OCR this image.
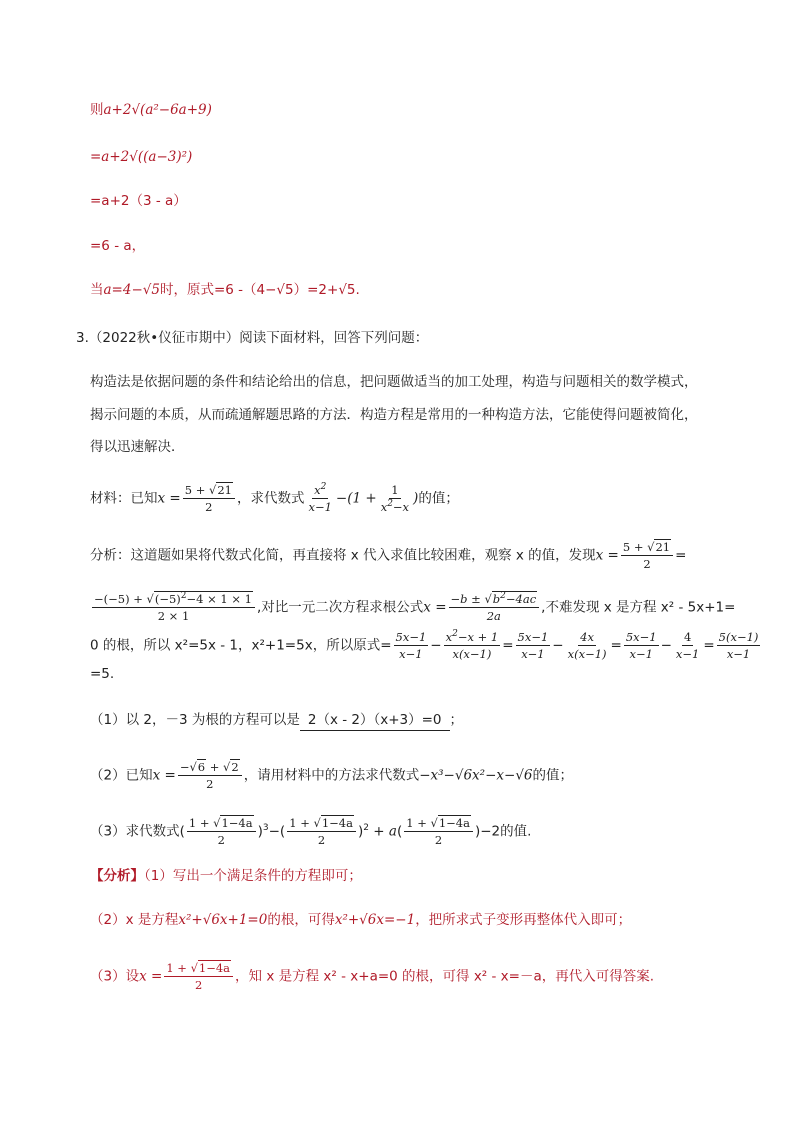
则a+2√(a²−6a+9)
=a+2√((a−3)²)
=a+2（3 - a）
=6 - a，
当a=4−√5时，原式=6 -（4−√5）=2+√5.
3.（2022秋•仪征市期中）阅读下面材料，回答下列问题：
构造法是依据问题的条件和结论给出的信息，把问题做适当的加工处理，构造与问题相关的数学模式，
揭示问题的本质，从而疏通解题思路的方法．构造方程是常用的一种构造方法，它能使得问题被简化，
得以迅速解决．
材料：已知$x = \frac{5 + √21}{2}$ ，求代数式 $\frac{x^2}{x-1} -(1 + \frac{1}{x^2-x}$ )的值；
分析：这道题如果将代数式化简，再直接将 x 代入求值比较困难，观察 x 的值，发现$x = \frac{5 + √21}{2}$ =
$\frac{-(-5) + √(-5)^2-4 \times 1 \times 1}{2 \times 1}$ ,对比一元二次方程求根公式$x = \frac{-b \pm √b^2-4ac}{2a}$ ,不难发现 x 是方程 x² - 5x+1=
0 的根，所以 x²=5x - 1，x²+1=5x，所以原式= $\frac{5x-1}{x-1} - \frac{x^2-x + 1}{x(x-1)} = \frac{5x-1}{x-1} - \frac{4x}{x(x-1)} = \frac{5x-1}{x-1} - \frac{4}{x-1} = \frac{5(x-1)}{x-1}$
=5.
（1）以 2，－3 为根的方程可以是 2（x - 2）（x+3）=0 ；
（2）已知$x = \frac{-√6 + √2}{2}$ ，请用材料中的方法求代数式−x³−√6x²−x−√6的值；
（3）求代数式( $\frac{1 + √1-4a}{2} )^3-( \frac{1 + √1-4a}{2} )^2 + a( \frac{1 + √1-4a}{2} )-2$的值.
【分析】（1）写出一个满足条件的方程即可；
（2）x 是方程x²+√6x+1=0的根，可得x²+√6x=−1，把所求式子变形再整体代入即可；
（3）设$x = \frac{1 + √1-4a}{2}$ ，知 x 是方程 x² - x+a=0 的根，可得 x² - x=－a，再代入可得答案.
